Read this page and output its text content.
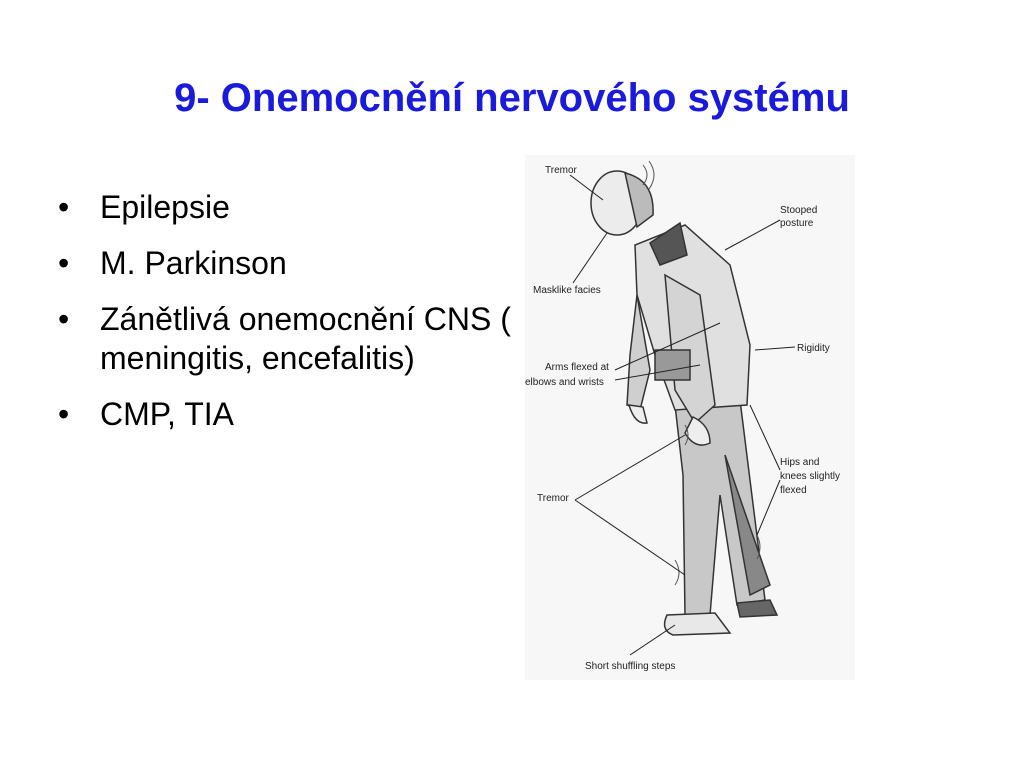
9- Onemocnění nervového systému
• Epilepsie
• M. Parkinson
• Zánětlivá onemocnění CNS ( meningitis, encefalitis)
• CMP, TIA
Tremor
Stooped
posture
Masklike facies
Rigidity
Arms flexed at
elbows and wrists
Hips and
knees slightly
flexed
Tremor
Short shuffling steps
